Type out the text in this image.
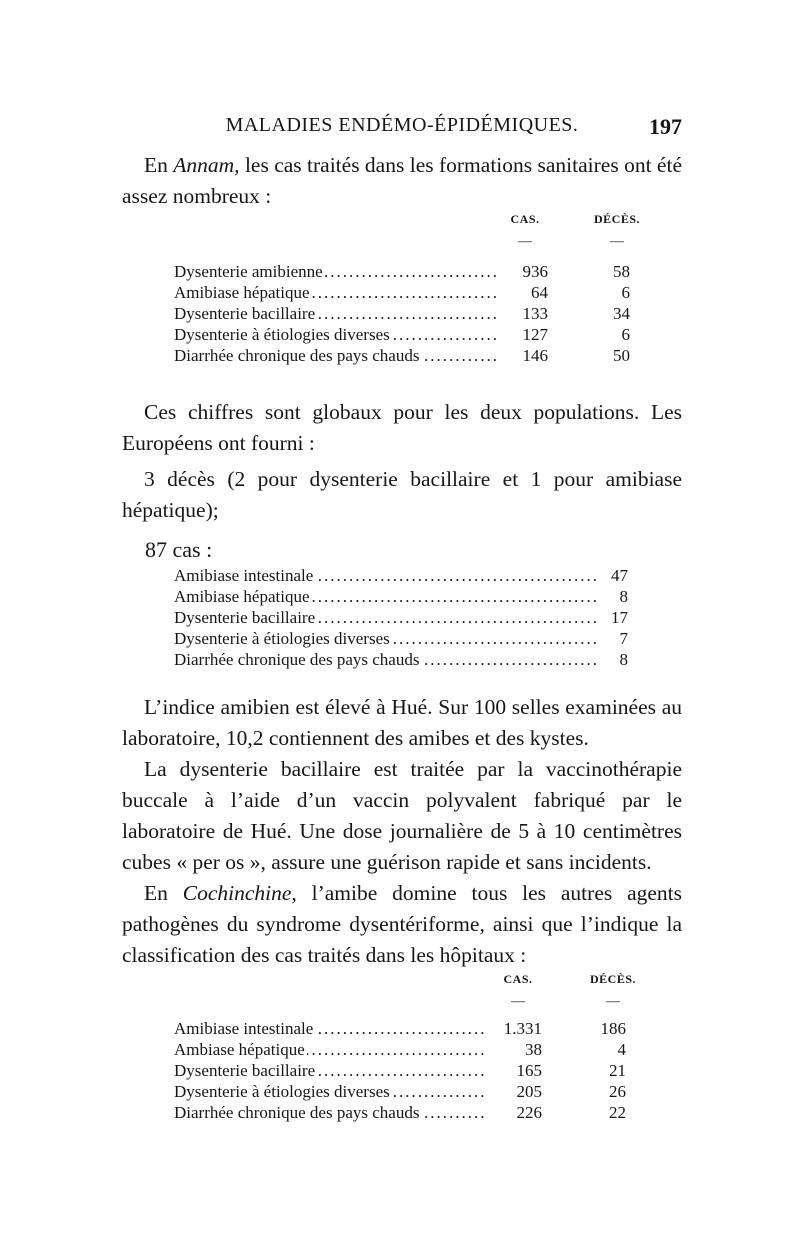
MALADIES ENDÉMO-ÉPIDÉMIQUES.	197
En Annam, les cas traités dans les formations sanitaires ont été assez nombreux :
CAS.	DÉCÈS.
—	—
Dysenterie amibienne .....	936	58
Amibiase hépatique .....	64	6
Dysenterie bacillaire .....	133	34
Dysenterie à étiologies diverses .....	127	6
Diarrhée chronique des pays chauds .....	146	50
Ces chiffres sont globaux pour les deux populations. Les Européens ont fourni :
3 décès (2 pour dysenterie bacillaire et 1 pour amibiase hépatique);
87 cas :
Amibiase intestinale .....	47
Amibiase hépatique .....	8
Dysenterie bacillaire .....	17
Dysenterie à étiologies diverses .....	7
Diarrhée chronique des pays chauds .....	8
L’indice amibien est élevé à Hué. Sur 100 selles examinées au laboratoire, 10,2 contiennent des amibes et des kystes.
La dysenterie bacillaire est traitée par la vaccinothérapie buccale à l’aide d’un vaccin polyvalent fabriqué par le laboratoire de Hué. Une dose journalière de 5 à 10 centimètres cubes « per os », assure une guérison rapide et sans incidents.
En Cochinchine, l’amibe domine tous les autres agents pathogènes du syndrome dysentériforme, ainsi que l’indique la classification des cas traités dans les hôpitaux :
CAS.	DÉCÈS.
—	—
Amibiase intestinale .....	1.331	186
Ambiase hépatique .....	38	4
Dysenterie bacillaire .....	165	21
Dysenterie à étiologies diverses .....	205	26
Diarrhée chronique des pays chauds .....	226	22
